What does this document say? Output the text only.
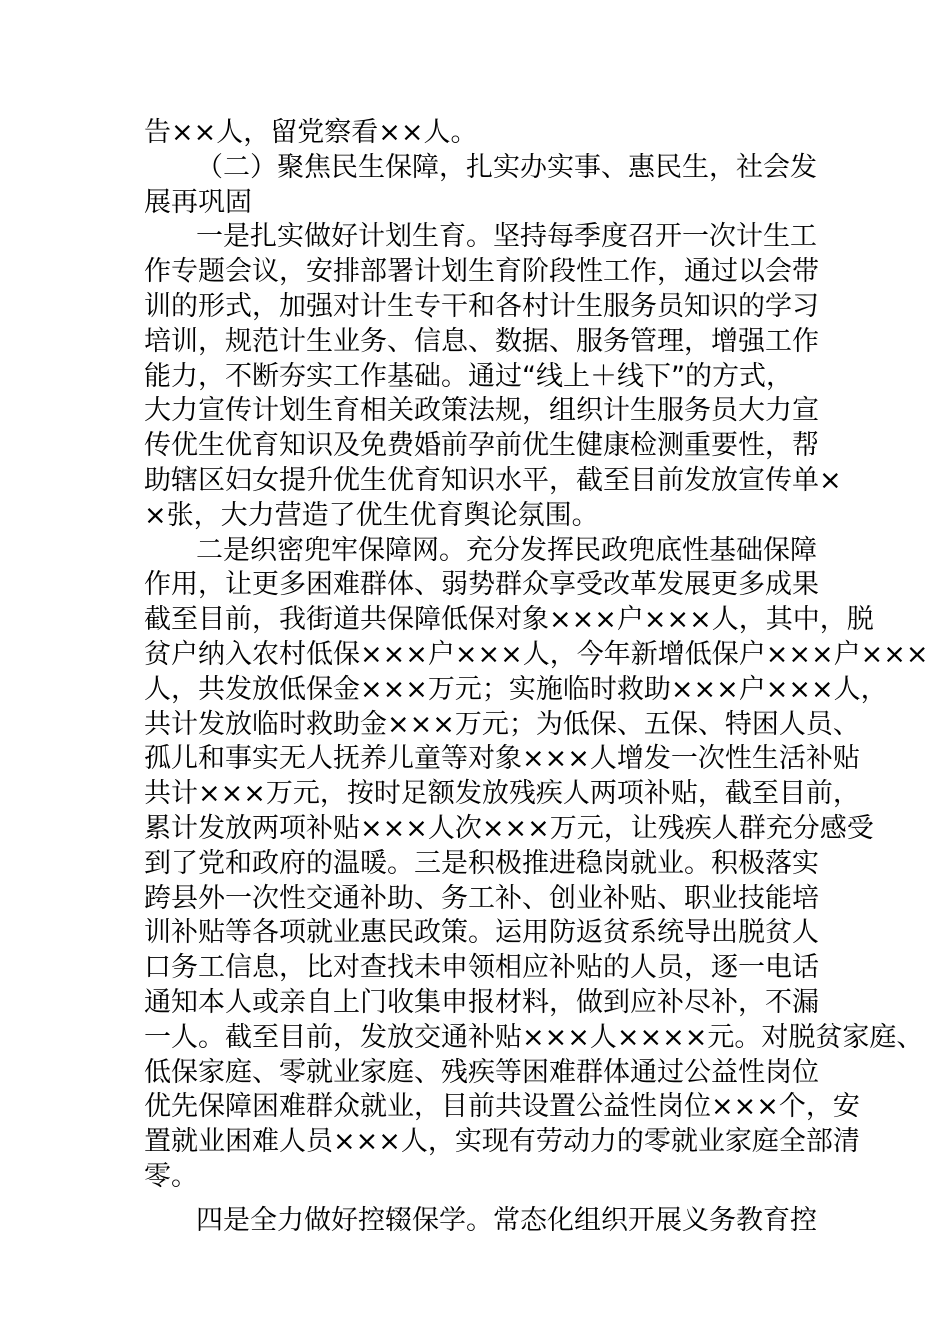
告××人，留党察看××人。
（二）聚焦民生保障，扎实办实事、惠民生，社会发
展再巩固
一是扎实做好计划生育。坚持每季度召开一次计生工
作专题会议，安排部署计划生育阶段性工作，通过以会带
训的形式，加强对计生专干和各村计生服务员知识的学习
培训，规范计生业务、信息、数据、服务管理，增强工作
能力，不断夯实工作基础。通过“线上＋线下”的方式，
大力宣传计划生育相关政策法规，组织计生服务员大力宣
传优生优育知识及免费婚前孕前优生健康检测重要性，帮
助辖区妇女提升优生优育知识水平，截至目前发放宣传单×
×张，大力营造了优生优育舆论氛围。
二是织密兜牢保障网。充分发挥民政兜底性基础保障
作用，让更多困难群体、弱势群众享受改革发展更多成果
截至目前，我街道共保障低保对象×××户×××人，其中，脱
贫户纳入农村低保×××户×××人，今年新增低保户×××户×××
人，共发放低保金×××万元；实施临时救助×××户×××人，
共计发放临时救助金×××万元；为低保、五保、特困人员、
孤儿和事实无人抚养儿童等对象×××人增发一次性生活补贴
共计×××万元，按时足额发放残疾人两项补贴，截至目前，
累计发放两项补贴×××人次×××万元，让残疾人群充分感受
到了党和政府的温暖。三是积极推进稳岗就业。积极落实
跨县外一次性交通补助、务工补、创业补贴、职业技能培
训补贴等各项就业惠民政策。运用防返贫系统导出脱贫人
口务工信息，比对查找未申领相应补贴的人员，逐一电话
通知本人或亲自上门收集申报材料，做到应补尽补，不漏
一人。截至目前，发放交通补贴×××人××××元。对脱贫家庭、
低保家庭、零就业家庭、残疾等困难群体通过公益性岗位
优先保障困难群众就业，目前共设置公益性岗位×××个，安
置就业困难人员×××人，实现有劳动力的零就业家庭全部清
零。
四是全力做好控辍保学。常态化组织开展义务教育控
